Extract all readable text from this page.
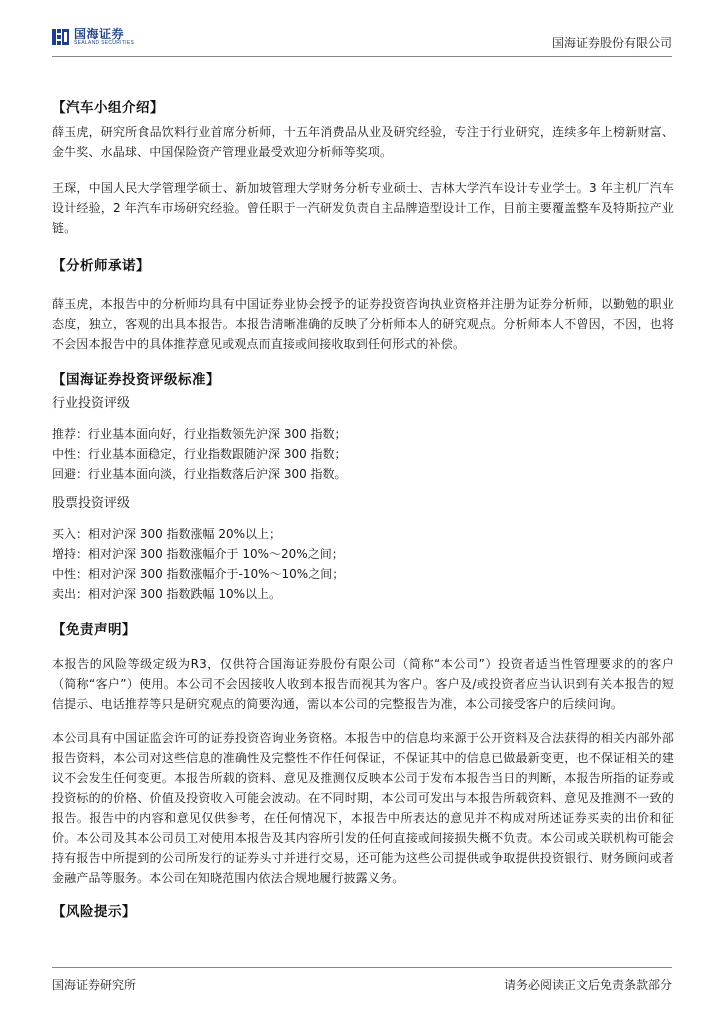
国海证券
SEALAND SECURITIES	国海证券股份有限公司
【汽车小组介绍】

薛玉虎，研究所食品饮料行业首席分析师，十五年消费品从业及研究经验，专注于行业研究，连续多年上榜新财富、金牛奖、水晶球、中国保险资产管理业最受欢迎分析师等奖项。

王琛，中国人民大学管理学硕士、新加坡管理大学财务分析专业硕士、吉林大学汽车设计专业学士。3 年主机厂汽车设计经验，2 年汽车市场研究经验。曾任职于一汽研发负责自主品牌造型设计工作，目前主要覆盖整车及特斯拉产业链。

【分析师承诺】

薛玉虎，本报告中的分析师均具有中国证券业协会授予的证券投资咨询执业资格并注册为证券分析师，以勤勉的职业态度，独立，客观的出具本报告。本报告清晰准确的反映了分析师本人的研究观点。分析师本人不曾因，不因，也将不会因本报告中的具体推荐意见或观点而直接或间接收取到任何形式的补偿。

【国海证券投资评级标准】
行业投资评级
推荐：行业基本面向好，行业指数领先沪深 300 指数；
中性：行业基本面稳定，行业指数跟随沪深 300 指数；
回避：行业基本面向淡，行业指数落后沪深 300 指数。
股票投资评级
买入：相对沪深 300 指数涨幅 20%以上；
增持：相对沪深 300 指数涨幅介于 10%～20%之间；
中性：相对沪深 300 指数涨幅介于-10%～10%之间；
卖出：相对沪深 300 指数跌幅 10%以上。
【免责声明】

本报告的风险等级定级为R3，仅供符合国海证券股份有限公司（简称“本公司”）投资者适当性管理要求的的客户（简称“客户”）使用。本公司不会因接收人收到本报告而视其为客户。客户及/或投资者应当认识到有关本报告的短信提示、电话推荐等只是研究观点的简要沟通，需以本公司的完整报告为准，本公司接受客户的后续问询。

本公司具有中国证监会许可的证券投资咨询业务资格。本报告中的信息均来源于公开资料及合法获得的相关内部外部报告资料，本公司对这些信息的准确性及完整性不作任何保证，不保证其中的信息已做最新变更，也不保证相关的建议不会发生任何变更。本报告所载的资料、意见及推测仅反映本公司于发布本报告当日的判断，本报告所指的证券或投资标的的价格、价值及投资收入可能会波动。在不同时期，本公司可发出与本报告所载资料、意见及推测不一致的报告。报告中的内容和意见仅供参考，在任何情况下，本报告中所表达的意见并不构成对所述证券买卖的出价和征价。本公司及其本公司员工对使用本报告及其内容所引发的任何直接或间接损失概不负责。本公司或关联机构可能会持有报告中所提到的公司所发行的证券头寸并进行交易，还可能为这些公司提供或争取提供投资银行、财务顾问或者金融产品等服务。本公司在知晓范围内依法合规地履行披露义务。

【风险提示】
国海证券研究所	请务必阅读正文后免责条款部分
